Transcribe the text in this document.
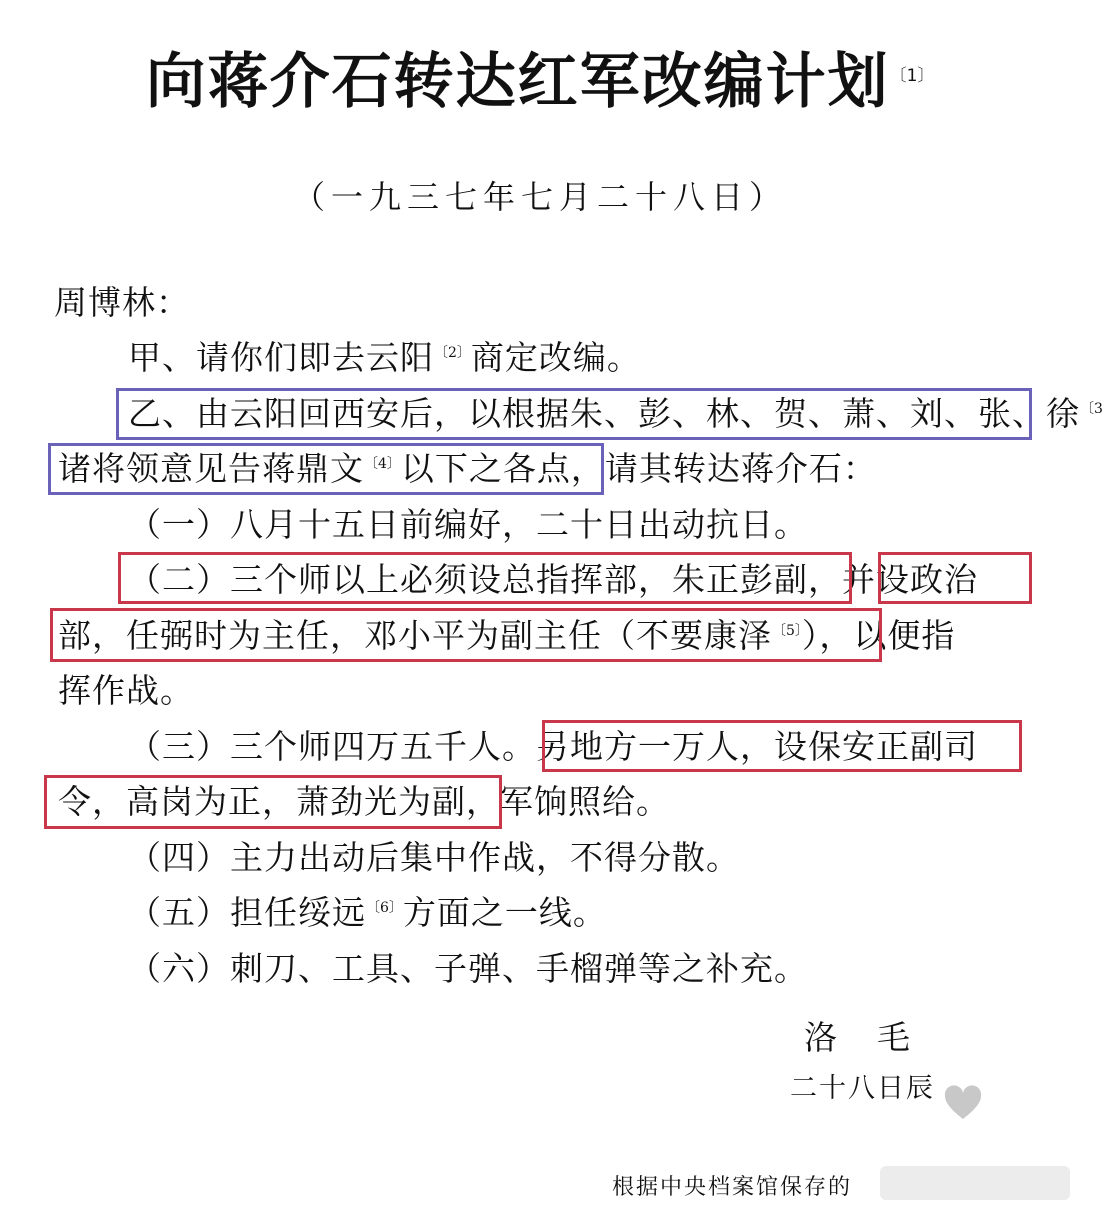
向蒋介石转达红军改编计划$^{〔1〕}$
（一九三七年七月二十八日）
周博林：
甲、请你们即去云阳$^{〔2〕}$商定改编。
乙、由云阳回西安后，以根据朱、彭、林、贺、萧、刘、张、徐$^{〔3}$
诸将领意见告蒋鼎文$^{〔4〕}$以下之各点，请其转达蒋介石：
（一）八月十五日前编好，二十日出动抗日。
（二）三个师以上必须设总指挥部，朱正彭副，并设政治
部，任弼时为主任，邓小平为副主任（不要康泽$^{〔5〕}$），以便指
挥作战。
（三）三个师四万五千人。另地方一万人，设保安正副司
令，高岗为正，萧劲光为副，军饷照给。
（四）主力出动后集中作战，不得分散。
（五）担任绥远$^{〔6〕}$方面之一线。
（六）刺刀、工具、子弹、手榴弹等之补充。
洛毛
二十八日辰
根据中央档案馆保存的
